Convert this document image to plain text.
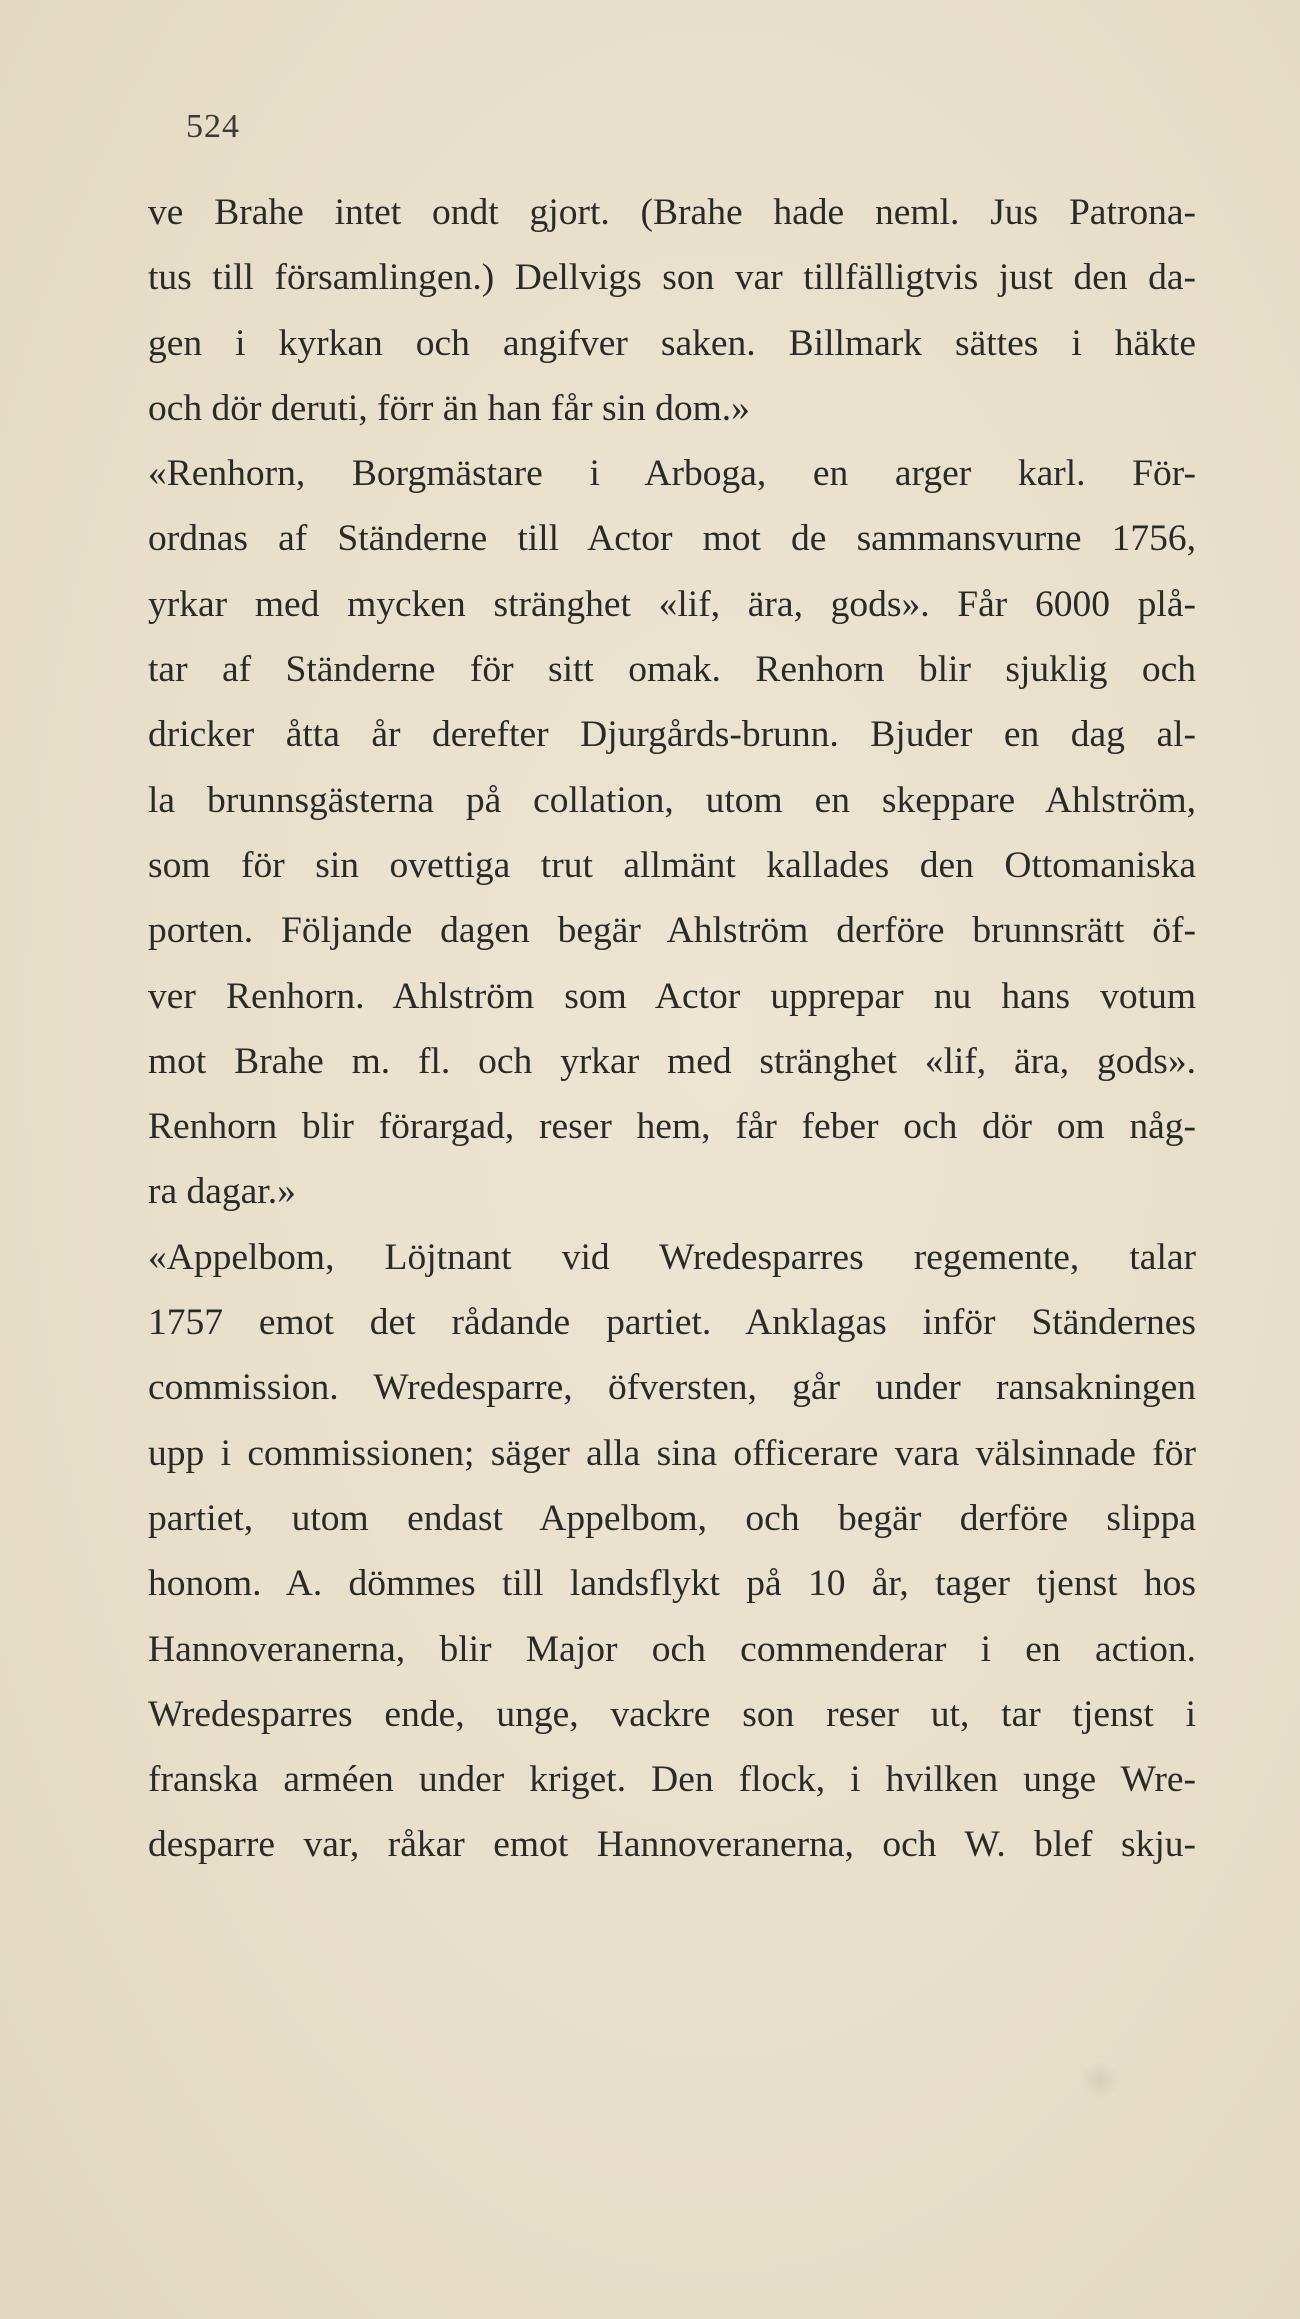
524
ve Brahe intet ondt gjort. (Brahe hade neml. Jus Patrona-
tus till församlingen.) Dellvigs son var tillfälligtvis just den da-
gen i kyrkan och angifver saken. Billmark sättes i häkte
och dör deruti, förr än han får sin dom.»
«Renhorn, Borgmästare i Arboga, en arger karl. För-
ordnas af Ständerne till Actor mot de sammansvurne 1756,
yrkar med mycken stränghet «lif, ära, gods». Får 6000 plå-
tar af Ständerne för sitt omak. Renhorn blir sjuklig och
dricker åtta år derefter Djurgårds-brunn. Bjuder en dag al-
la brunnsgästerna på collation, utom en skeppare Ahlström,
som för sin ovettiga trut allmänt kallades den Ottomaniska
porten. Följande dagen begär Ahlström derföre brunnsrätt öf-
ver Renhorn. Ahlström som Actor upprepar nu hans votum
mot Brahe m. fl. och yrkar med stränghet «lif, ära, gods».
Renhorn blir förargad, reser hem, får feber och dör om någ-
ra dagar.»
«Appelbom, Löjtnant vid Wredesparres regemente, talar
1757 emot det rådande partiet. Anklagas inför Ständernes
commission. Wredesparre, öfversten, går under ransakningen
upp i commissionen; säger alla sina officerare vara välsinnade för
partiet, utom endast Appelbom, och begär derföre slippa
honom. A. dömmes till landsflykt på 10 år, tager tjenst hos
Hannoveranerna, blir Major och commenderar i en action.
Wredesparres ende, unge, vackre son reser ut, tar tjenst i
franska arméen under kriget. Den flock, i hvilken unge Wre-
desparre var, råkar emot Hannoveranerna, och W. blef skju-
